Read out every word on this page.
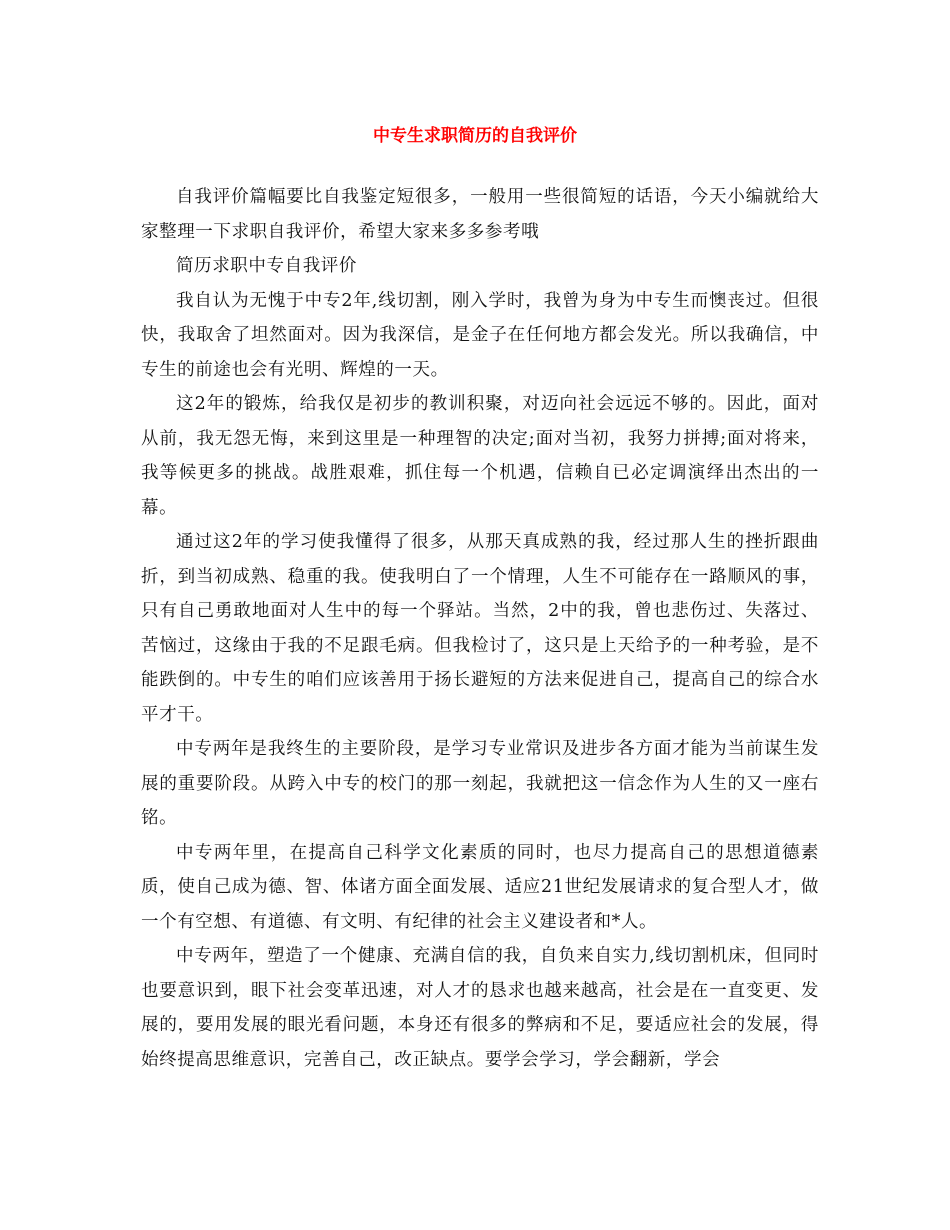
中专生求职简历的自我评价

自我评价篇幅要比自我鉴定短很多，一般用一些很简短的话语，今天小编就给大家整理一下求职自我评价，希望大家来多多参考哦

简历求职中专自我评价

我自认为无愧于中专2年,线切割，刚入学时，我曾为身为中专生而懊丧过。但很快，我取舍了坦然面对。因为我深信，是金子在任何地方都会发光。所以我确信，中专生的前途也会有光明、辉煌的一天。

这2年的锻炼，给我仅是初步的教训积聚，对迈向社会远远不够的。因此，面对从前，我无怨无悔，来到这里是一种理智的决定;面对当初，我努力拼搏;面对将来，我等候更多的挑战。战胜艰难，抓住每一个机遇，信赖自已必定调演绎出杰出的一幕。

通过这2年的学习使我懂得了很多，从那天真成熟的我，经过那人生的挫折跟曲折，到当初成熟、稳重的我。使我明白了一个情理，人生不可能存在一路顺风的事，只有自己勇敢地面对人生中的每一个驿站。当然，2中的我，曾也悲伤过、失落过、苦恼过，这缘由于我的不足跟毛病。但我检讨了，这只是上天给予的一种考验，是不能跌倒的。中专生的咱们应该善用于扬长避短的方法来促进自己，提高自己的综合水平才干。

中专两年是我终生的主要阶段，是学习专业常识及进步各方面才能为当前谋生发展的重要阶段。从跨入中专的校门的那一刻起，我就把这一信念作为人生的又一座右铭。

中专两年里，在提高自己科学文化素质的同时，也尽力提高自己的思想道德素质，使自己成为德、智、体诸方面全面发展、适应21世纪发展请求的复合型人才，做一个有空想、有道德、有文明、有纪律的社会主义建设者和*人。

中专两年，塑造了一个健康、充满自信的我，自负来自实力,线切割机床，但同时也要意识到，眼下社会变革迅速，对人才的恳求也越来越高，社会是在一直变更、发展的，要用发展的眼光看问题，本身还有很多的弊病和不足，要适应社会的发展，得始终提高思维意识，完善自己，改正缺点。要学会学习，学会翻新，学会
